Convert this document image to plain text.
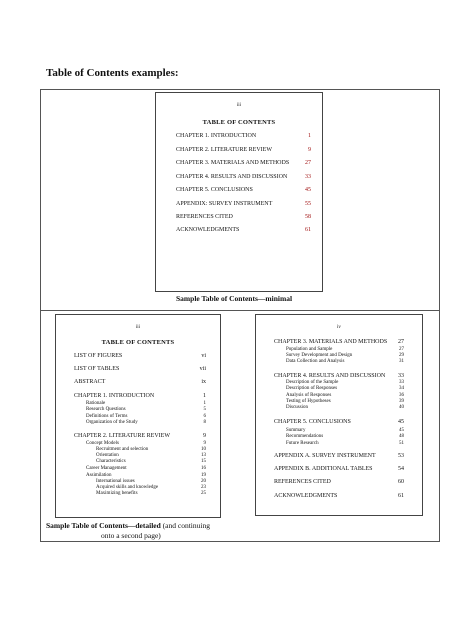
Table of Contents examples:
iii
TABLE OF CONTENTS
CHAPTER 1. INTRODUCTION	1
CHAPTER 2. LITERATURE REVIEW	9
CHAPTER 3. MATERIALS AND METHODS	27
CHAPTER 4. RESULTS AND DISCUSSION	33
CHAPTER 5. CONCLUSIONS	45
APPENDIX: SURVEY INSTRUMENT	55
REFERENCES CITED	58
ACKNOWLEDGMENTS	61
Sample Table of Contents—minimal
iii
TABLE OF CONTENTS
LIST OF FIGURES	vi
LIST OF TABLES	vii
ABSTRACT	ix
CHAPTER 1. INTRODUCTION	1
Rationale	1
Research Questions	5
Definitions of Terms	6
Organization of the Study	8
CHAPTER 2. LITERATURE REVIEW	9
Concept Models	9
Recruitment and selection	10
Orientation	13
Characteristics	15
Career Management	16
Assimilation	19
International issues	20
Acquired skills and knowledge	23
Maximizing benefits	25
iv
CHAPTER 3. MATERIALS AND METHODS	27
Population and Sample	27
Survey Development and Design	29
Data Collection and Analysis	31
CHAPTER 4. RESULTS AND DISCUSSION	33
Description of the Sample	33
Description of Responses	34
Analysis of Responses	36
Testing of Hypotheses	39
Discussion	40
CHAPTER 5. CONCLUSIONS	45
Summary	45
Recommendations	48
Future Research	51
APPENDIX A. SURVEY INSTRUMENT	53
APPENDIX B. ADDITIONAL TABLES	54
REFERENCES CITED	60
ACKNOWLEDGMENTS	61
Sample Table of Contents—detailed (and continuing
onto a second page)
